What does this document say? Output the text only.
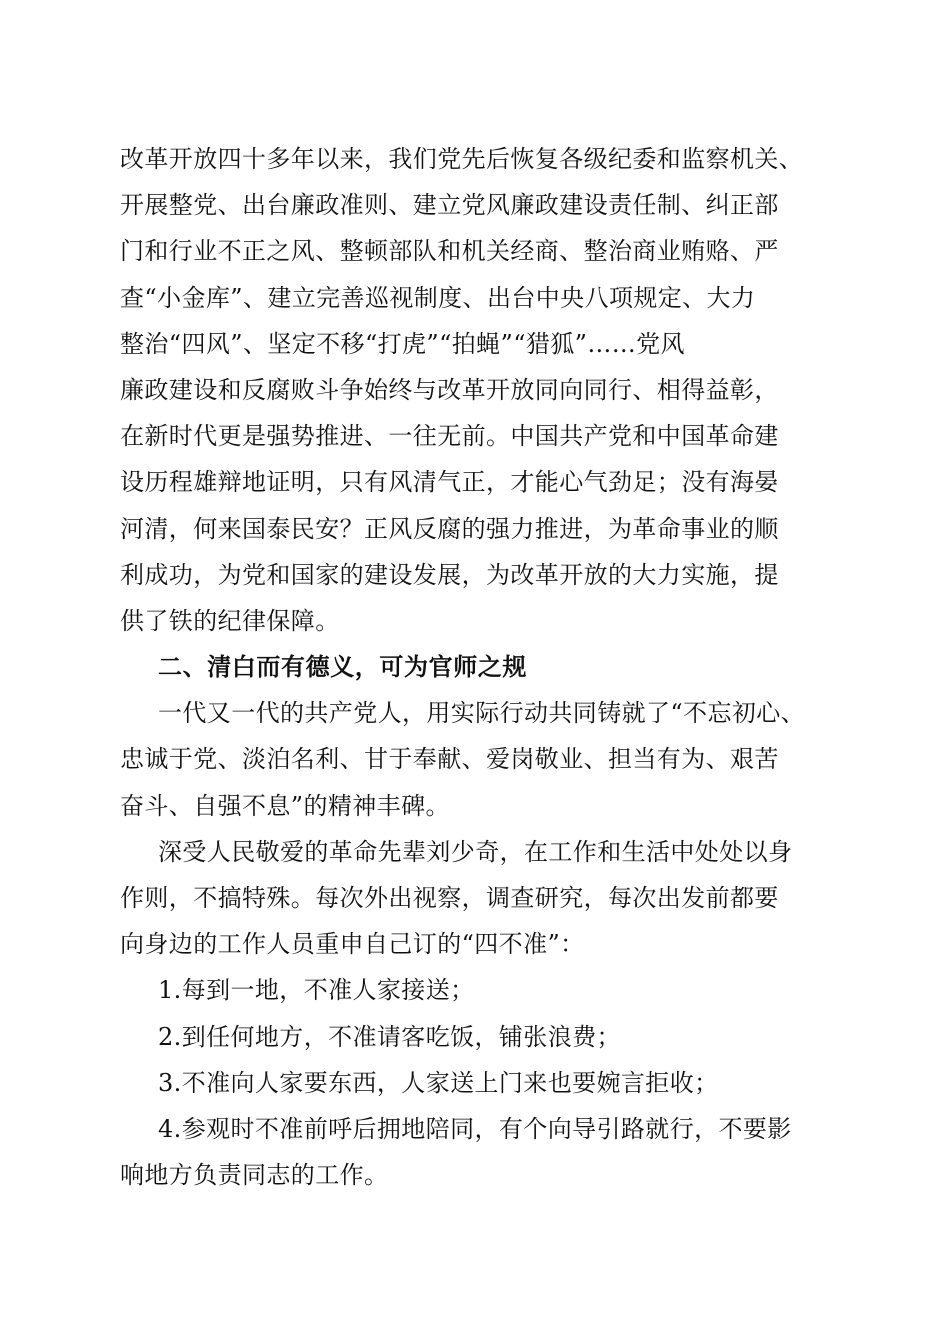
改革开放四十多年以来，我们党先后恢复各级纪委和监察机关、
开展整党、出台廉政准则、建立党风廉政建设责任制、纠正部
门和行业不正之风、整顿部队和机关经商、整治商业贿赂、严
查“小金库”、建立完善巡视制度、出台中央八项规定、大力
整治“四风”、坚定不移“打虎”“拍蝇”“猎狐”……党风
廉政建设和反腐败斗争始终与改革开放同向同行、相得益彰，
在新时代更是强势推进、一往无前。中国共产党和中国革命建
设历程雄辩地证明，只有风清气正，才能心气劲足；没有海晏
河清，何来国泰民安？正风反腐的强力推进，为革命事业的顺
利成功，为党和国家的建设发展，为改革开放的大力实施，提
供了铁的纪律保障。
二、清白而有德义，可为官师之规
一代又一代的共产党人，用实际行动共同铸就了“不忘初心、
忠诚于党、淡泊名利、甘于奉献、爱岗敬业、担当有为、艰苦
奋斗、自强不息”的精神丰碑。
深受人民敬爱的革命先辈刘少奇，在工作和生活中处处以身
作则，不搞特殊。每次外出视察，调查研究，每次出发前都要
向身边的工作人员重申自己订的“四不准”：
1.每到一地，不准人家接送；
2.到任何地方，不准请客吃饭，铺张浪费；
3.不准向人家要东西，人家送上门来也要婉言拒收；
4.参观时不准前呼后拥地陪同，有个向导引路就行，不要影
响地方负责同志的工作。
